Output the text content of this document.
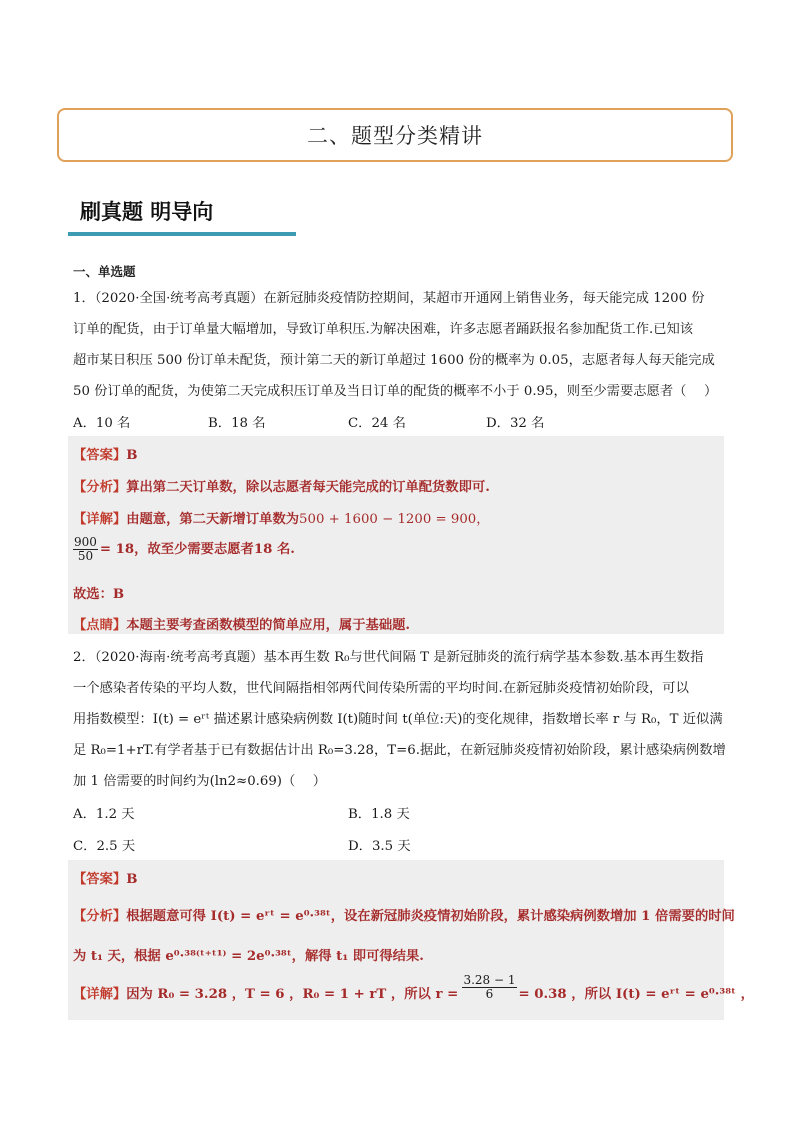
二、题型分类精讲
刷真题 明导向
一、单选题
1．（2020·全国·统考高考真题）在新冠肺炎疫情防控期间，某超市开通网上销售业务，每天能完成 1200 份
订单的配货，由于订单量大幅增加，导致订单积压.为解决困难，许多志愿者踊跃报名参加配货工作.已知该
超市某日积压 500 份订单未配货，预计第二天的新订单超过 1600 份的概率为 0.05，志愿者每人每天能完成
50 份订单的配货，为使第二天完成积压订单及当日订单的配货的概率不小于 0.95，则至少需要志愿者（　 ）
A．10 名	B．18 名	C．24 名	D．32 名
【答案】B
【分析】算出第二天订单数，除以志愿者每天能完成的订单配货数即可.
【详解】由题意，第二天新增订单数为500 + 1600 − 1200 = 900，
$\frac{900}{50} = 18$，故至少需要志愿者18 名.
故选：B
【点睛】本题主要考查函数模型的简单应用，属于基础题.
2．（2020·海南·统考高考真题）基本再生数 R₀与世代间隔 T 是新冠肺炎的流行病学基本参数.基本再生数指
一个感染者传染的平均人数，世代间隔指相邻两代间传染所需的平均时间.在新冠肺炎疫情初始阶段，可以
用指数模型：I(t) = eʳᵗ 描述累计感染病例数 I(t)随时间 t(单位:天)的变化规律，指数增长率 r 与 R₀，T 近似满
足 R₀=1+rT.有学者基于已有数据估计出 R₀=3.28，T=6.据此，在新冠肺炎疫情初始阶段，累计感染病例数增
加 1 倍需要的时间约为(ln2≈0.69)（　 ）
A．1.2 天	B．1.8 天
C．2.5 天	D．3.5 天
【答案】B
【分析】根据题意可得 I(t) = eʳᵗ = e⁰·³⁸ᵗ，设在新冠肺炎疫情初始阶段，累计感染病例数增加 1 倍需要的时间
为 t₁ 天，根据 e⁰·³⁸⁽ᵗ⁺ᵗ¹⁾ = 2e⁰·³⁸ᵗ，解得 t₁ 即可得结果.
【详解】因为 R₀ = 3.28 ，T = 6 ，R₀ = 1 + rT ，所以 $r = \frac{3.28 - 1}{6} = 0.38$ ，所以 I(t) = eʳᵗ = e⁰·³⁸ᵗ ，
